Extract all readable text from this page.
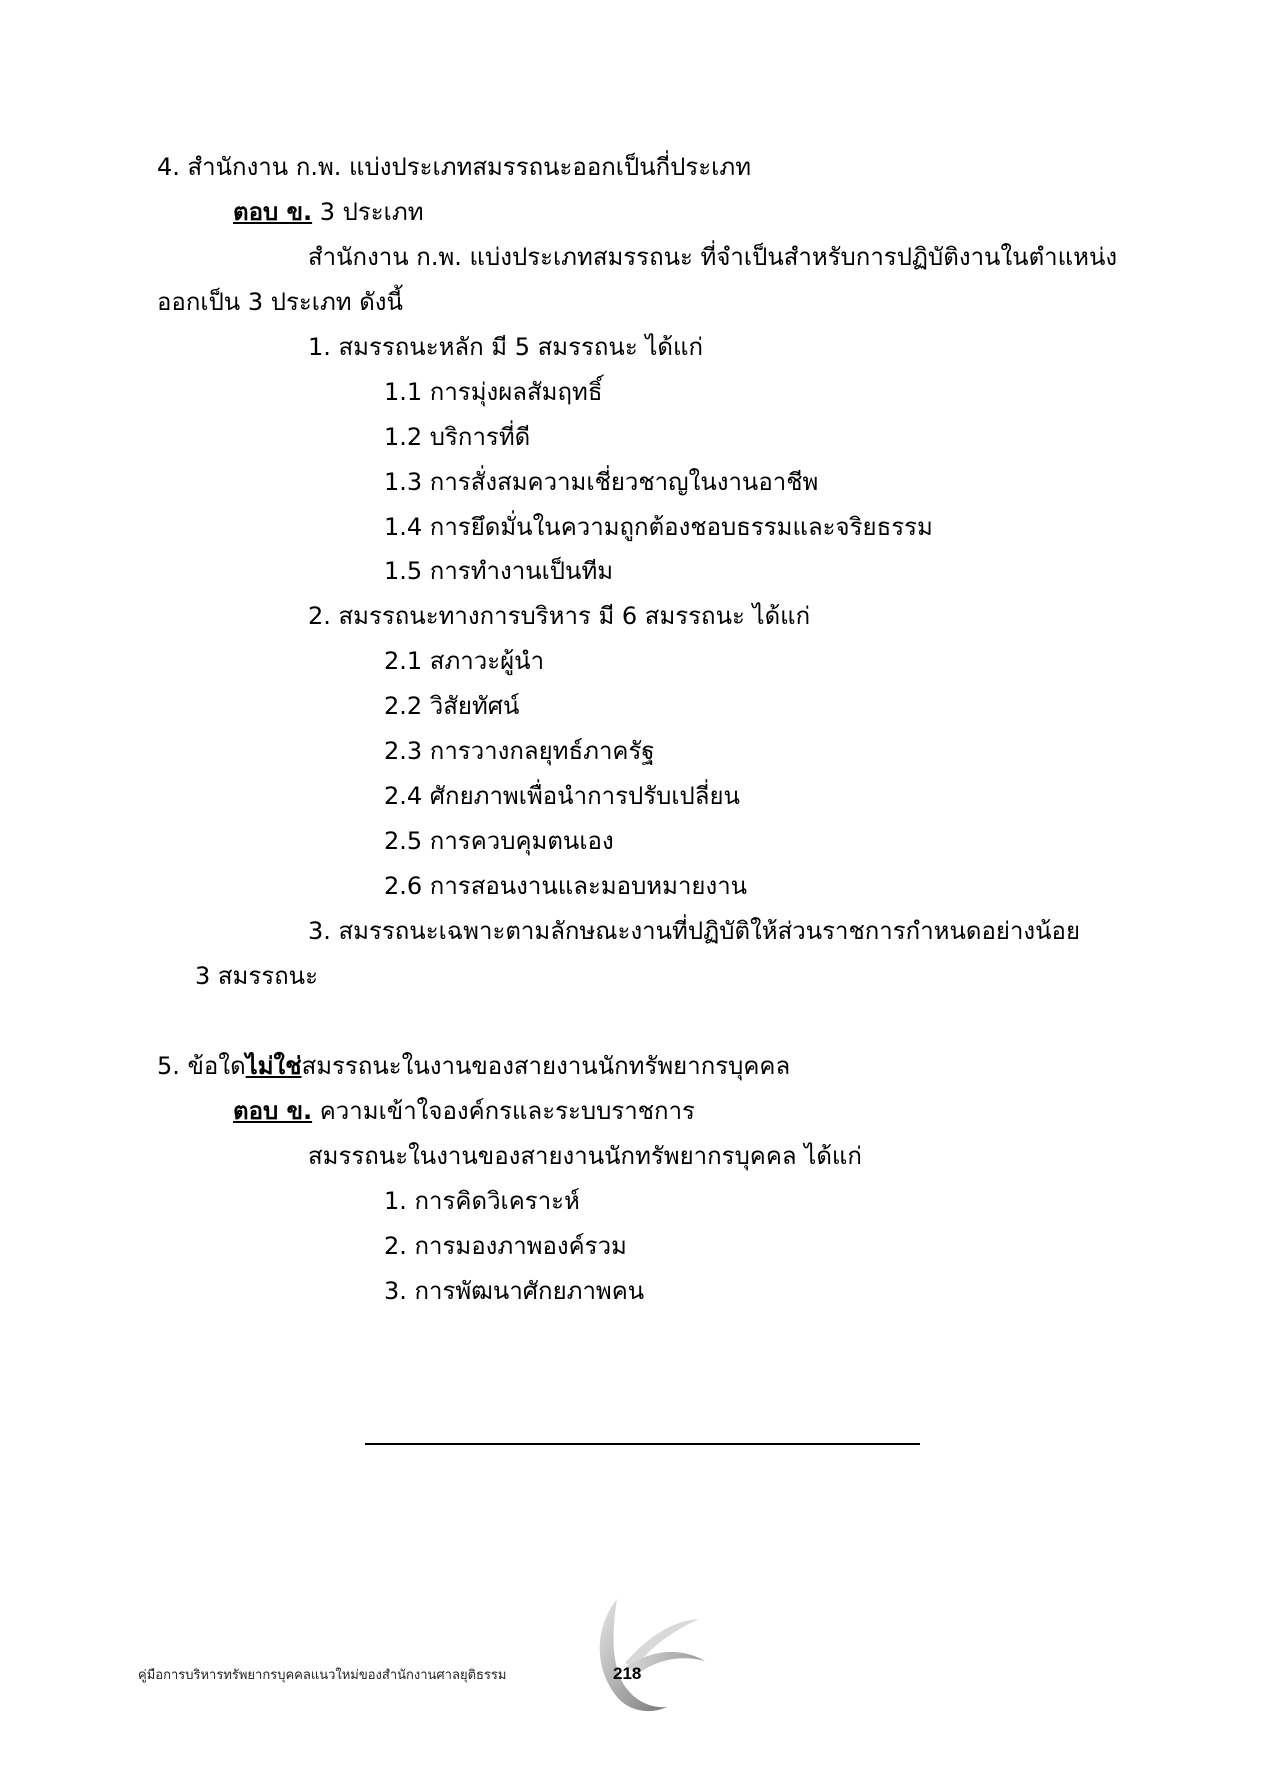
4. สำนักงาน ก.พ. แบ่งประเภทสมรรถนะออกเป็นกี่ประเภท
ตอบ ข. 3 ประเภท
สำนักงาน ก.พ. แบ่งประเภทสมรรถนะ ที่จำเป็นสำหรับการปฏิบัติงานในตำแหน่ง
ออกเป็น 3 ประเภท ดังนี้
1. สมรรถนะหลัก มี 5 สมรรถนะ ได้แก่
1.1 การมุ่งผลสัมฤทธิ์
1.2 บริการที่ดี
1.3 การสั่งสมความเชี่ยวชาญในงานอาชีพ
1.4 การยึดมั่นในความถูกต้องชอบธรรมและจริยธรรม
1.5 การทำงานเป็นทีม
2. สมรรถนะทางการบริหาร มี 6 สมรรถนะ ได้แก่
2.1 สภาวะผู้นำ
2.2 วิสัยทัศน์
2.3 การวางกลยุทธ์ภาครัฐ
2.4 ศักยภาพเพื่อนำการปรับเปลี่ยน
2.5 การควบคุมตนเอง
2.6 การสอนงานและมอบหมายงาน
3. สมรรถนะเฉพาะตามลักษณะงานที่ปฏิบัติให้ส่วนราชการกำหนดอย่างน้อย
3 สมรรถนะ
5. ข้อใดไม่ใช่สมรรถนะในงานของสายงานนักทรัพยากรบุคคล
ตอบ ข. ความเข้าใจองค์กรและระบบราชการ
สมรรถนะในงานของสายงานนักทรัพยากรบุคคล ได้แก่
1. การคิดวิเคราะห์
2. การมองภาพองค์รวม
3. การพัฒนาศักยภาพคน
คู่มือการบริหารทรัพยากรบุคคลแนวใหม่ของสำนักงานศาลยุติธรรม	218
